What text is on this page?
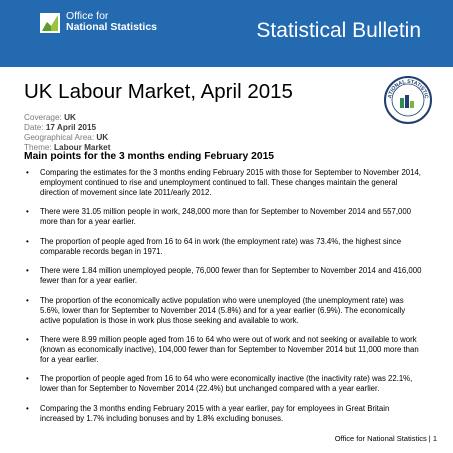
Office for
National Statistics	Statistical Bulletin
UK Labour Market, April 2015	ATIONAL STATISTIC
Coverage: UK
Date: 17 April 2015
Geographical Area: UK
Theme: Labour Market
Main points for the 3 months ending February 2015
• Comparing the estimates for the 3 months ending February 2015 with those for September to November 2014, employment continued to rise and unemployment continued to fall. These changes maintain the general direction of movement since late 2011/early 2012.
• There were 31.05 million people in work, 248,000 more than for September to November 2014 and 557,000 more than for a year earlier.
• The proportion of people aged from 16 to 64 in work (the employment rate) was 73.4%, the highest since comparable records began in 1971.
• There were 1.84 million unemployed people, 76,000 fewer than for September to November 2014 and 416,000 fewer than for a year earlier.
• The proportion of the economically active population who were unemployed (the unemployment rate) was 5.6%, lower than for September to November 2014 (5.8%) and for a year earlier (6.9%). The economically active population is those in work plus those seeking and available to work.
• There were 8.99 million people aged from 16 to 64 who were out of work and not seeking or available to work (known as economically inactive), 104,000 fewer than for September to November 2014 but 11,000 more than for a year earlier.
• The proportion of people aged from 16 to 64 who were economically inactive (the inactivity rate) was 22.1%, lower than for September to November 2014 (22.4%) but unchanged compared with a year earlier.
• Comparing the 3 months ending February 2015 with a year earlier, pay for employees in Great Britain increased by 1.7% including bonuses and by 1.8% excluding bonuses.
Office for National Statistics | 1
